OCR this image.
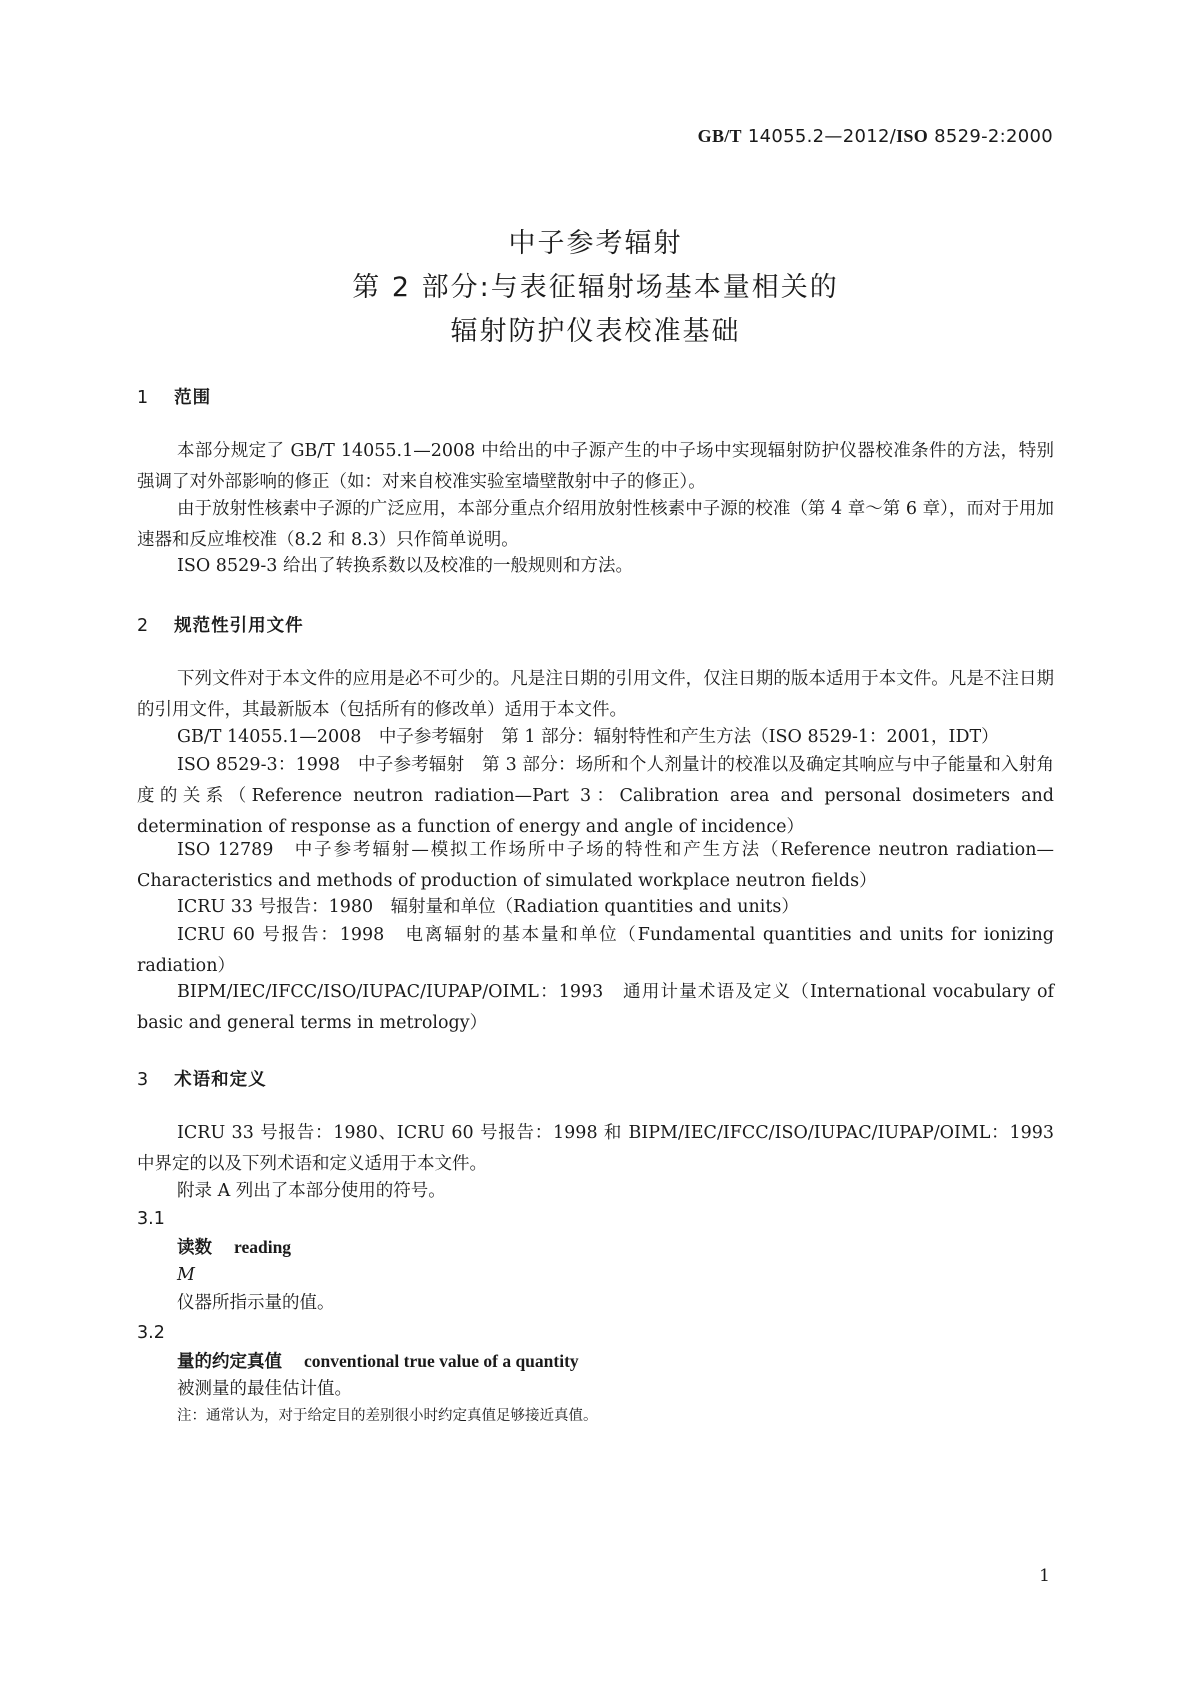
GB/T 14055.2—2012/ISO 8529-2:2000
中子参考辐射
第 2 部分:与表征辐射场基本量相关的
辐射防护仪表校准基础
1 范围
本部分规定了 GB/T 14055.1—2008 中给出的中子源产生的中子场中实现辐射防护仪器校准条件的方法，特别强调了对外部影响的修正（如：对来自校准实验室墙壁散射中子的修正）。
由于放射性核素中子源的广泛应用，本部分重点介绍用放射性核素中子源的校准（第 4 章～第 6 章），而对于用加速器和反应堆校准（8.2 和 8.3）只作简单说明。
ISO 8529-3 给出了转换系数以及校准的一般规则和方法。
2 规范性引用文件
下列文件对于本文件的应用是必不可少的。凡是注日期的引用文件，仅注日期的版本适用于本文件。凡是不注日期的引用文件，其最新版本（包括所有的修改单）适用于本文件。
GB/T 14055.1—2008　中子参考辐射　第 1 部分：辐射特性和产生方法（ISO 8529-1：2001，IDT）
ISO 8529-3：1998　中子参考辐射　第 3 部分：场所和个人剂量计的校准以及确定其响应与中子能量和入射角度的关系（Reference neutron radiation—Part 3：Calibration area and personal dosimeters and determination of response as a function of energy and angle of incidence）
ISO 12789　中子参考辐射—模拟工作场所中子场的特性和产生方法（Reference neutron radiation—Characteristics and methods of production of simulated workplace neutron fields）
ICRU 33 号报告：1980　辐射量和单位（Radiation quantities and units）
ICRU 60 号报告：1998　电离辐射的基本量和单位（Fundamental quantities and units for ionizing radiation）
BIPM/IEC/IFCC/ISO/IUPAC/IUPAP/OIML：1993　通用计量术语及定义（International vocabulary of basic and general terms in metrology）
3 术语和定义
ICRU 33 号报告：1980、ICRU 60 号报告：1998 和 BIPM/IEC/IFCC/ISO/IUPAC/IUPAP/OIML：1993 中界定的以及下列术语和定义适用于本文件。
附录 A 列出了本部分使用的符号。
3.1
读数 reading
M
仪器所指示量的值。
3.2
量的约定真值 conventional true value of a quantity
被测量的最佳估计值。
注：通常认为，对于给定目的差别很小时约定真值足够接近真值。
1
